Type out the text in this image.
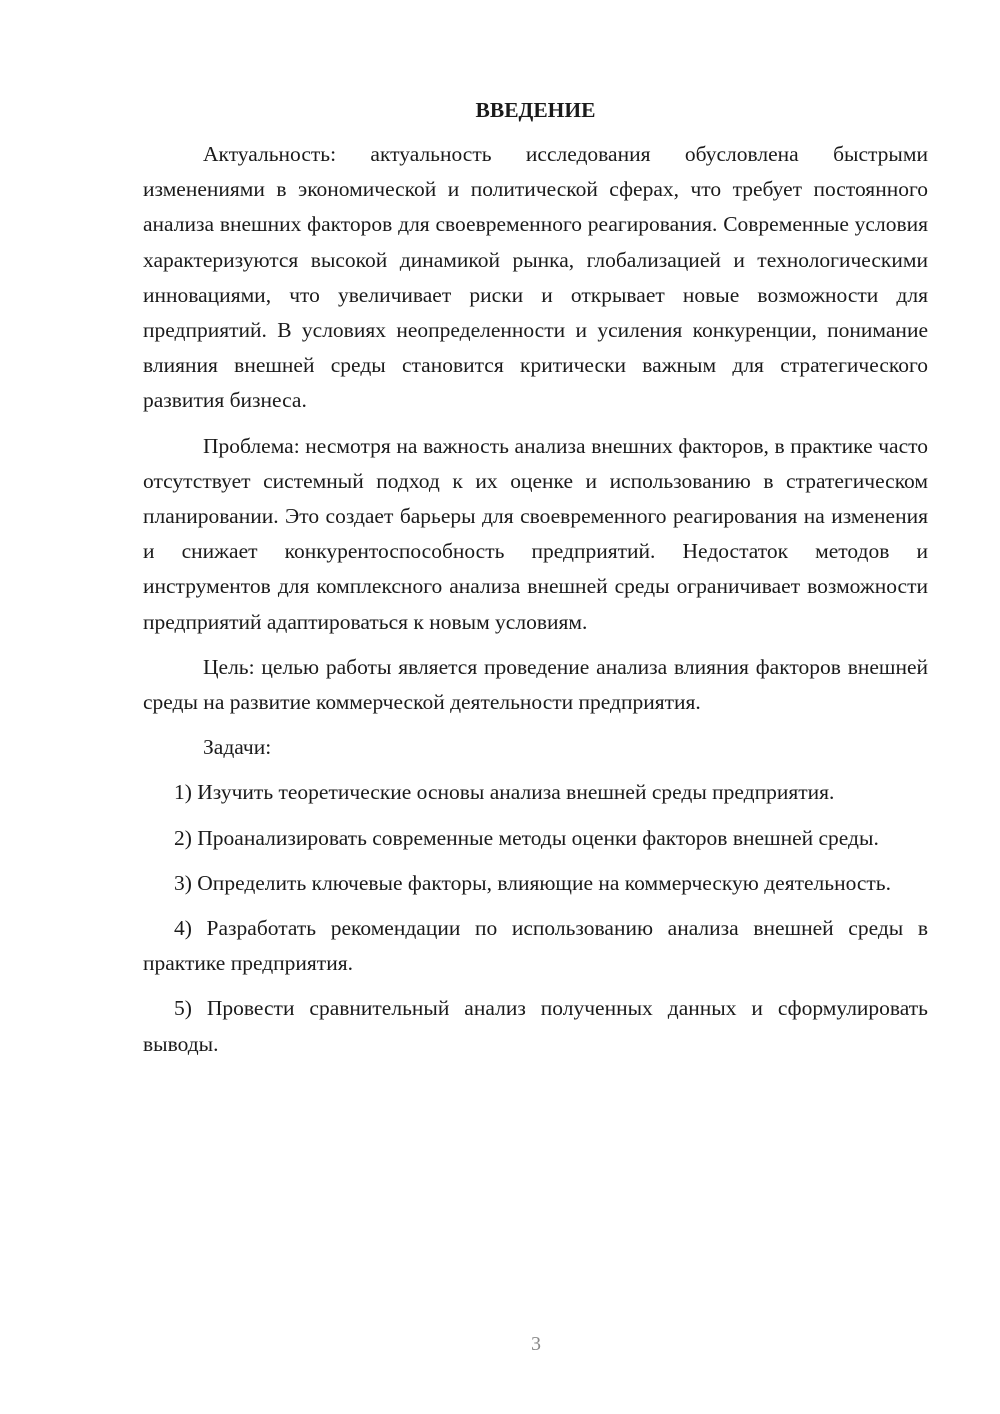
ВВЕДЕНИЕ

Актуальность: актуальность исследования обусловлена быстрыми изменениями в экономической и политической сферах, что требует постоянного анализа внешних факторов для своевременного реагирования. Современные условия характеризуются высокой динамикой рынка, глобализацией и технологическими инновациями, что увеличивает риски и открывает новые возможности для предприятий. В условиях неопределенности и усиления конкуренции, понимание влияния внешней среды становится критически важным для стратегического развития бизнеса.

Проблема: несмотря на важность анализа внешних факторов, в практике часто отсутствует системный подход к их оценке и использованию в стратегическом планировании. Это создает барьеры для своевременного реагирования на изменения и снижает конкурентоспособность предприятий. Недостаток методов и инструментов для комплексного анализа внешней среды ограничивает возможности предприятий адаптироваться к новым условиям.

Цель: целью работы является проведение анализа влияния факторов внешней среды на развитие коммерческой деятельности предприятия.

Задачи:

1) Изучить теоретические основы анализа внешней среды предприятия.

2) Проанализировать современные методы оценки факторов внешней среды.

3) Определить ключевые факторы, влияющие на коммерческую деятельность.

4) Разработать рекомендации по использованию анализа внешней среды в практике предприятия.

5) Провести сравнительный анализ полученных данных и сформулировать выводы.

3
